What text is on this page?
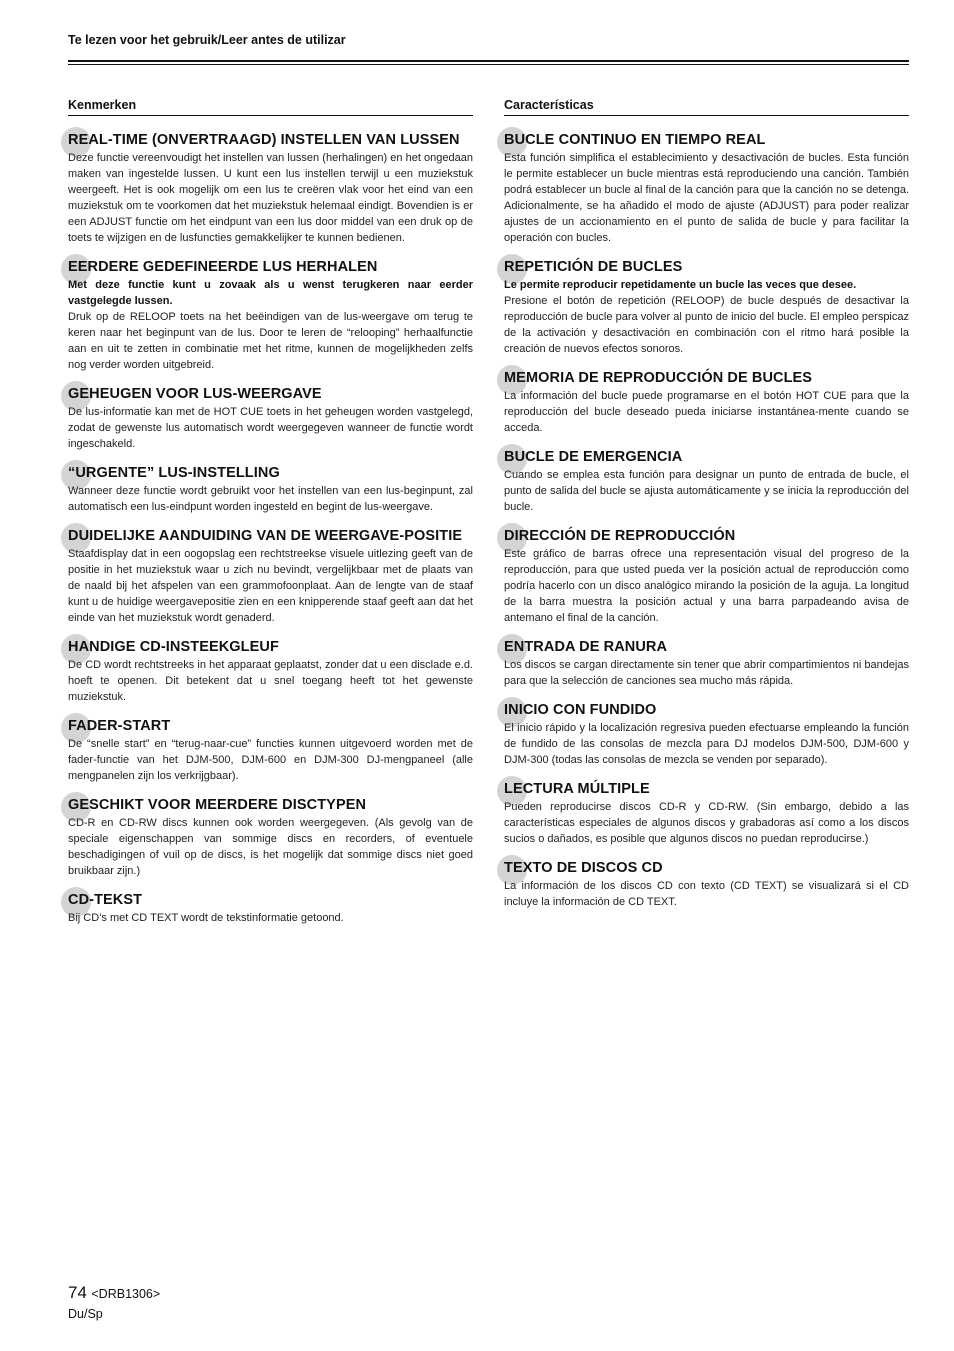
Te lezen voor het gebruik/Leer antes de utilizar
Kenmerken
REAL-TIME (ONVERTRAAGD) INSTELLEN VAN LUSSEN

Deze functie vereenvoudigt het instellen van lussen (herhalingen) en het ongedaan maken van ingestelde lussen. U kunt een lus instellen terwijl u een muziekstuk weergeeft. Het is ook mogelijk om een lus te creëren vlak voor het eind van een muziekstuk om te voorkomen dat het muziekstuk helemaal eindigt. Bovendien is er een ADJUST functie om het eindpunt van een lus door middel van een druk op de toets te wijzigen en de lusfuncties gemakkelijker te kunnen bedienen.

EERDERE GEDEFINEERDE LUS HERHALEN

Met deze functie kunt u zovaak als u wenst terugkeren naar eerder vastgelegde lussen.

Druk op de RELOOP toets na het beëindigen van de lus-weergave om terug te keren naar het beginpunt van de lus. Door te leren de “relooping” herhaalfunctie aan en uit te zetten in combinatie met het ritme, kunnen de mogelijkheden zelfs nog verder worden uitgebreid.

GEHEUGEN VOOR LUS-WEERGAVE

De lus-informatie kan met de HOT CUE toets in het geheugen worden vastgelegd, zodat de gewenste lus automatisch wordt weergegeven wanneer de functie wordt ingeschakeld.

“URGENTE” LUS-INSTELLING

Wanneer deze functie wordt gebruikt voor het instellen van een lus-beginpunt, zal automatisch een lus-eindpunt worden ingesteld en begint de lus-weergave.

DUIDELIJKE AANDUIDING VAN DE WEERGAVE-POSITIE

Staafdisplay dat in een oogopslag een rechtstreekse visuele uitlezing geeft van de positie in het muziekstuk waar u zich nu bevindt, vergelijkbaar met de plaats van de naald bij het afspelen van een grammofoonplaat. Aan de lengte van de staaf kunt u de huidige weergavepositie zien en een knipperende staaf geeft aan dat het einde van het muziekstuk wordt genaderd.

HANDIGE CD-INSTEEKGLEUF

De CD wordt rechtstreeks in het apparaat geplaatst, zonder dat u een disclade e.d. hoeft te openen. Dit betekent dat u snel toegang heeft tot het gewenste muziekstuk.

FADER-START

De “snelle start” en “terug-naar-cue” functies kunnen uitgevoerd worden met de fader-functie van het DJM-500, DJM-600 en DJM-300 DJ-mengpaneel (alle mengpanelen zijn los verkrijgbaar).

GESCHIKT VOOR MEERDERE DISCTYPEN

CD-R en CD-RW discs kunnen ook worden weergegeven. (Als gevolg van de speciale eigenschappen van sommige discs en recorders, of eventuele beschadigingen of vuil op de discs, is het mogelijk dat sommige discs niet goed bruikbaar zijn.)

CD-TEKST

Bij CD’s met CD TEXT wordt de tekstinformatie getoond.

Características
BUCLE CONTINUO EN TIEMPO REAL

Esta función simplifica el establecimiento y desactivación de bucles. Esta función le permite establecer un bucle mientras está reproduciendo una canción. También podrá establecer un bucle al final de la canción para que la canción no se detenga. Adicionalmente, se ha añadido el modo de ajuste (ADJUST) para poder realizar ajustes de un accionamiento en el punto de salida de bucle y para facilitar la operación con bucles.

REPETICIÓN DE BUCLES

Le permite reproducir repetidamente un bucle las veces que desee.

Presione el botón de repetición (RELOOP) de bucle después de desactivar la reproducción de bucle para volver al punto de inicio del bucle. El empleo perspicaz de la activación y desactivación en combinación con el ritmo hará posible la creación de nuevos efectos sonoros.

MEMORIA DE REPRODUCCIÓN DE BUCLES

La información del bucle puede programarse en el botón HOT CUE para que la reproducción del bucle deseado pueda iniciarse instantánea-mente cuando se acceda.

BUCLE DE EMERGENCIA

Cuando se emplea esta función para designar un punto de entrada de bucle, el punto de salida del bucle se ajusta automáticamente y se inicia la reproducción del bucle.

DIRECCIÓN DE REPRODUCCIÓN

Este gráfico de barras ofrece una representación visual del progreso de la reproducción, para que usted pueda ver la posición actual de reproducción como podría hacerlo con un disco analógico mirando la posición de la aguja. La longitud de la barra muestra la posición actual y una barra parpadeando avisa de antemano el final de la canción.

ENTRADA DE RANURA

Los discos se cargan directamente sin tener que abrir compartimientos ni bandejas para que la selección de canciones sea mucho más rápida.

INICIO CON FUNDIDO

El inicio rápido y la localización regresiva pueden efectuarse empleando la función de fundido de las consolas de mezcla para DJ modelos DJM-500, DJM-600 y DJM-300 (todas las consolas de mezcla se venden por separado).

LECTURA MÚLTIPLE

Pueden reproducirse discos CD-R y CD-RW. (Sin embargo, debido a las características especiales de algunos discos y grabadoras así como a los discos sucios o dañados, es posible que algunos discos no puedan reproducirse.)

TEXTO DE DISCOS CD

La información de los discos CD con texto (CD TEXT) se visualizará si el CD incluye la información de CD TEXT.

74 <DRB1306>
Du/Sp
